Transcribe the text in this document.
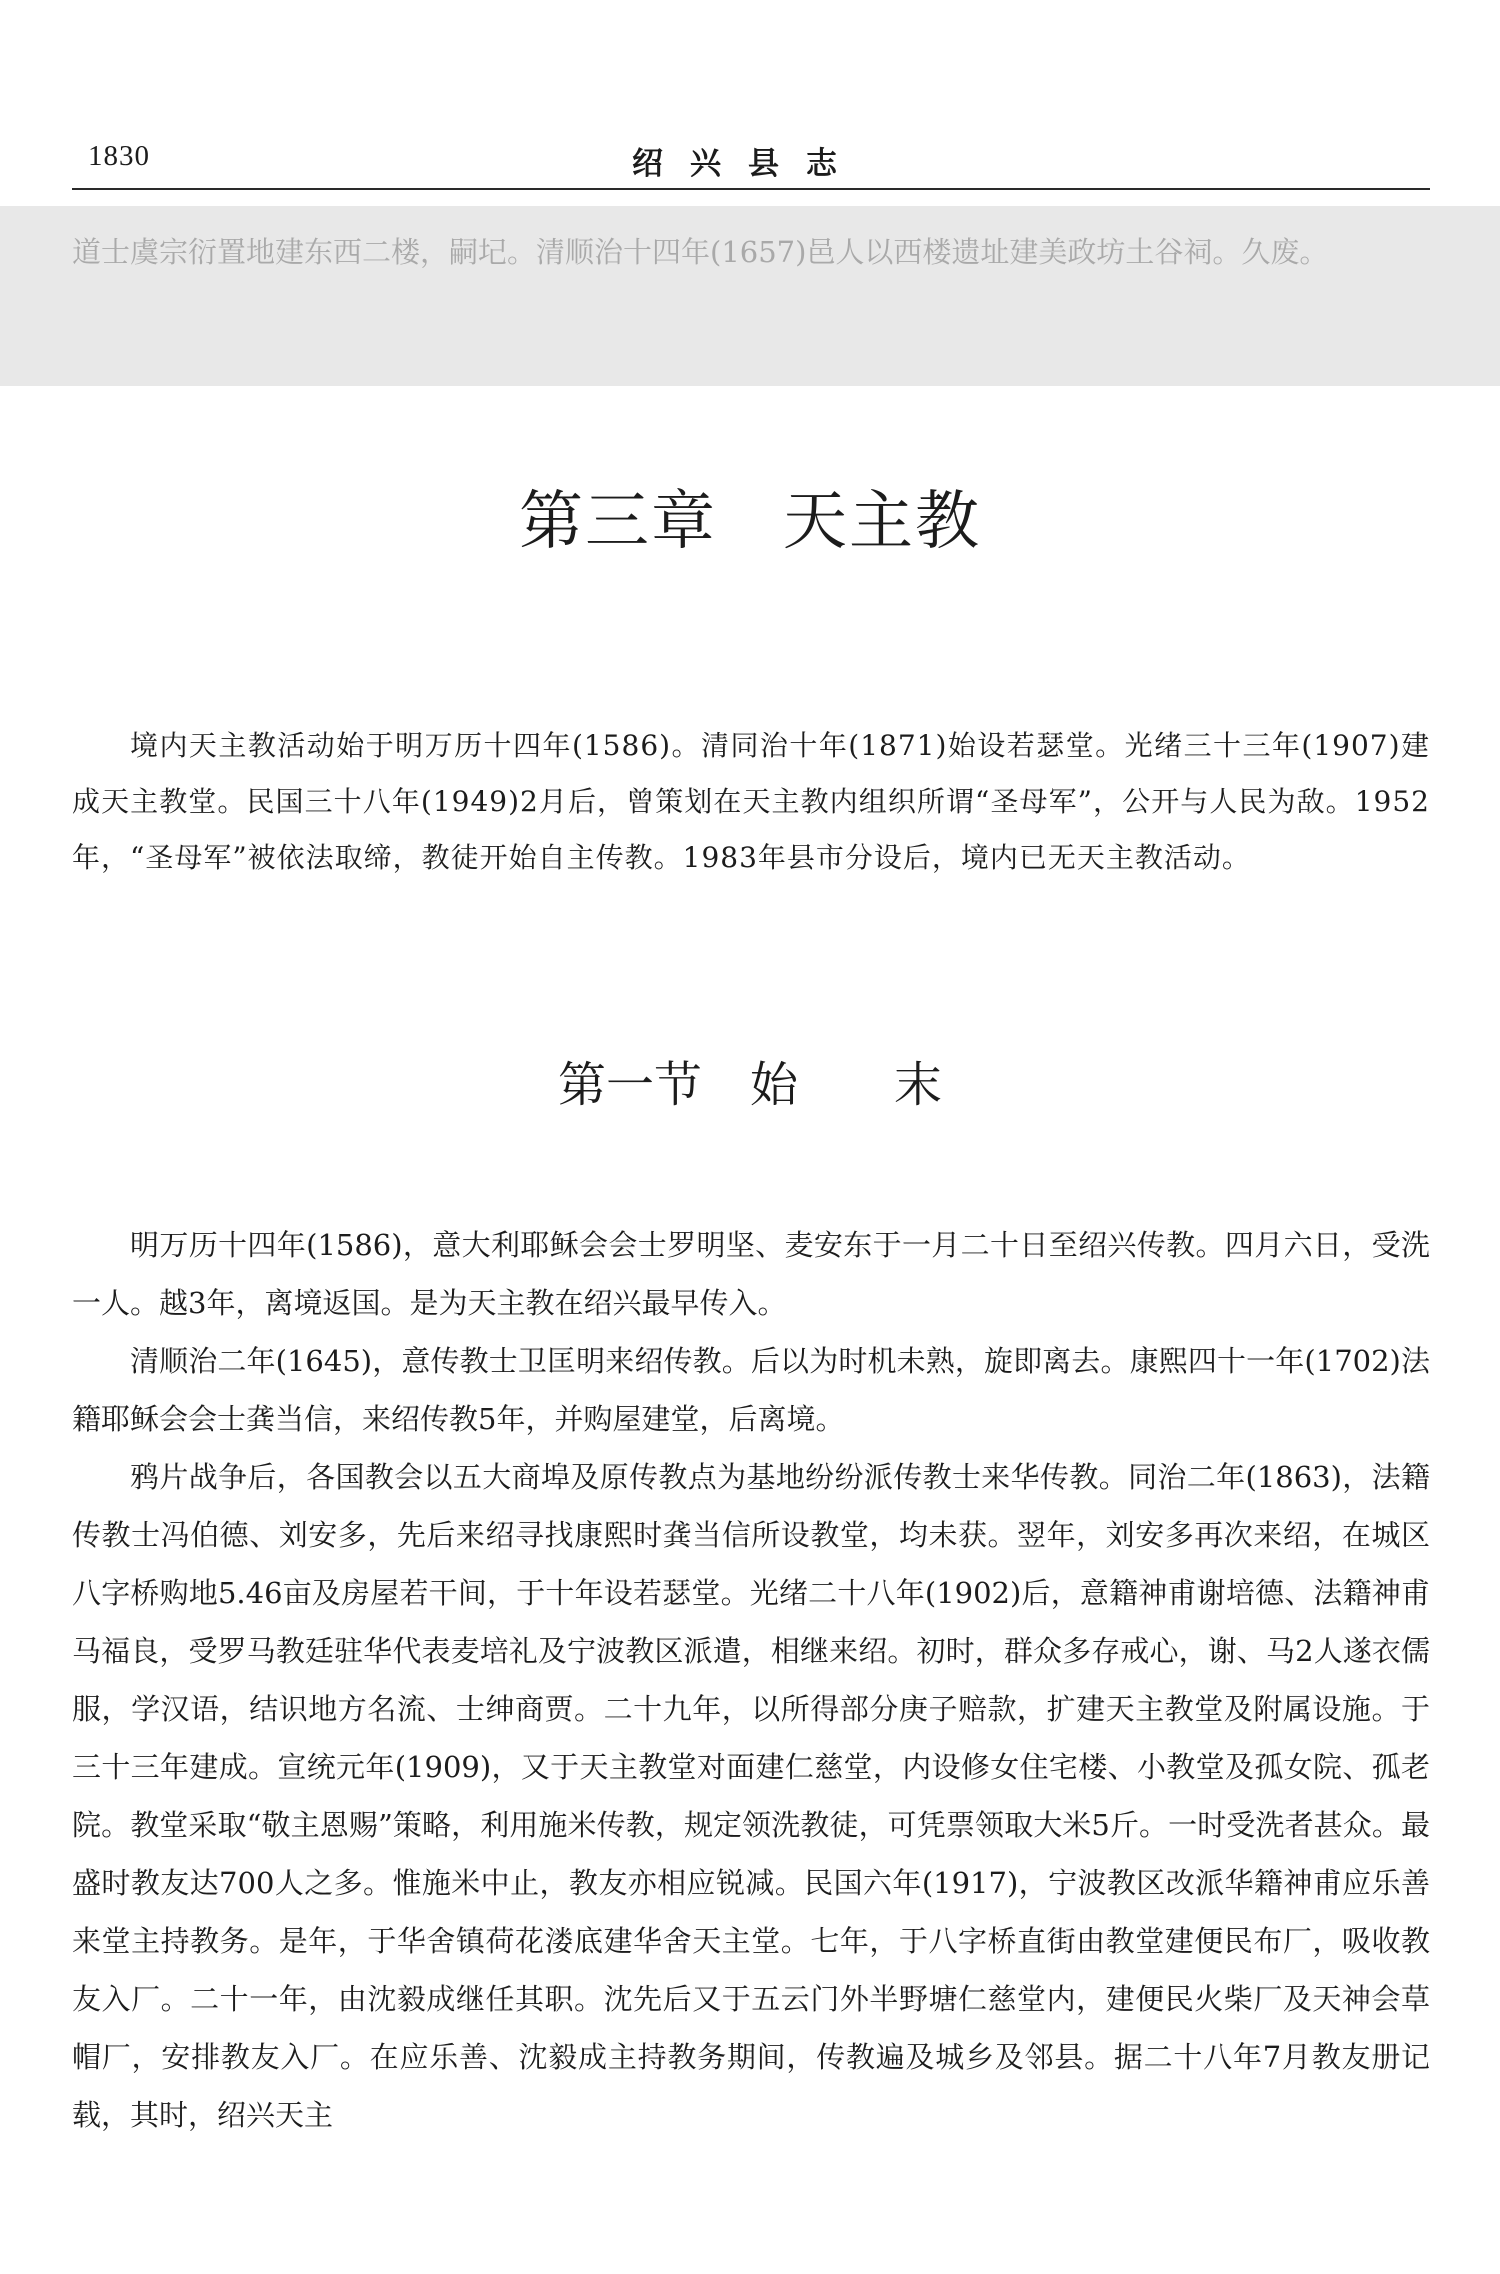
1830	绍兴县志
道士虞宗衍置地建东西二楼，嗣圮。清顺治十四年(1657)邑人以西楼遗址建美政坊土谷祠。久废。
第三章　天主教

境内天主教活动始于明万历十四年(1586)。清同治十年(1871)始设若瑟堂。光绪三十三年(1907)建成天主教堂。民国三十八年(1949)2月后，曾策划在天主教内组织所谓“圣母军”，公开与人民为敌。1952年，“圣母军”被依法取缔，教徒开始自主传教。1983年县市分设后，境内已无天主教活动。

第一节　始　　末

明万历十四年(1586)，意大利耶稣会会士罗明坚、麦安东于一月二十日至绍兴传教。四月六日，受洗一人。越3年，离境返国。是为天主教在绍兴最早传入。

清顺治二年(1645)，意传教士卫匡明来绍传教。后以为时机未熟，旋即离去。康熙四十一年(1702)法籍耶稣会会士龚当信，来绍传教5年，并购屋建堂，后离境。

鸦片战争后，各国教会以五大商埠及原传教点为基地纷纷派传教士来华传教。同治二年(1863)，法籍传教士冯伯德、刘安多，先后来绍寻找康熙时龚当信所设教堂，均未获。翌年，刘安多再次来绍，在城区八字桥购地5.46亩及房屋若干间，于十年设若瑟堂。光绪二十八年(1902)后，意籍神甫谢培德、法籍神甫马福良，受罗马教廷驻华代表麦培礼及宁波教区派遣，相继来绍。初时，群众多存戒心，谢、马2人遂衣儒服，学汉语，结识地方名流、士绅商贾。二十九年，以所得部分庚子赔款，扩建天主教堂及附属设施。于三十三年建成。宣统元年(1909)，又于天主教堂对面建仁慈堂，内设修女住宅楼、小教堂及孤女院、孤老院。教堂采取“敬主恩赐”策略，利用施米传教，规定领洗教徒，可凭票领取大米5斤。一时受洗者甚众。最盛时教友达700人之多。惟施米中止，教友亦相应锐减。民国六年(1917)，宁波教区改派华籍神甫应乐善来堂主持教务。是年，于华舍镇荷花溇底建华舍天主堂。七年，于八字桥直街由教堂建便民布厂，吸收教友入厂。二十一年，由沈毅成继任其职。沈先后又于五云门外半野塘仁慈堂内，建便民火柴厂及天神会草帽厂，安排教友入厂。在应乐善、沈毅成主持教务期间，传教遍及城乡及邻县。据二十八年7月教友册记载，其时，绍兴天主
